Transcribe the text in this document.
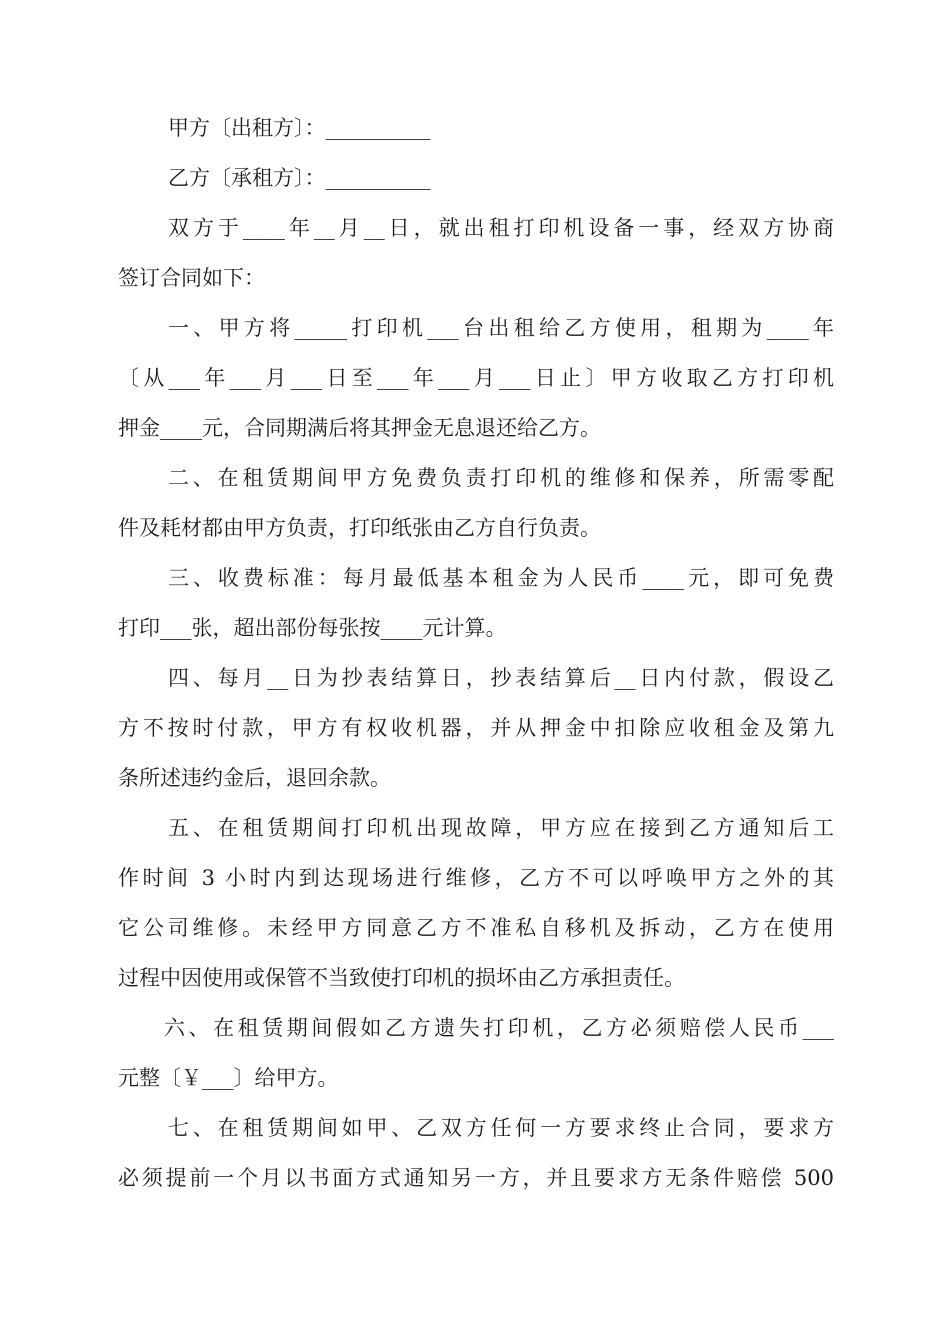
甲方〔出租方〕：__________
乙方〔承租方〕：__________
双方于____年__月__日，就出租打印机设备一事，经双方协商
签订合同如下：
一、甲方将_____打印机___台出租给乙方使用，租期为____年
〔从___年___月___日至___年___月___日止〕甲方收取乙方打印机
押金____元，合同期满后将其押金无息退还给乙方。
二、在租赁期间甲方免费负责打印机的维修和保养，所需零配
件及耗材都由甲方负责，打印纸张由乙方自行负责。
三、收费标准：每月最低基本租金为人民币____元，即可免费
打印___张，超出部份每张按____元计算。
四、每月__日为抄表结算日，抄表结算后__日内付款，假设乙
方不按时付款，甲方有权收机器，并从押金中扣除应收租金及第九
条所述违约金后，退回余款。
五、在租赁期间打印机出现故障，甲方应在接到乙方通知后工
作时间 3 小时内到达现场进行维修，乙方不可以呼唤甲方之外的其
它公司维修。未经甲方同意乙方不准私自移机及拆动，乙方在使用
过程中因使用或保管不当致使打印机的损坏由乙方承担责任。
六、在租赁期间假如乙方遗失打印机，乙方必须赔偿人民币___
元整〔￥___〕给甲方。
七、在租赁期间如甲、乙双方任何一方要求终止合同，要求方
必须提前一个月以书面方式通知另一方，并且要求方无条件赔偿 500
